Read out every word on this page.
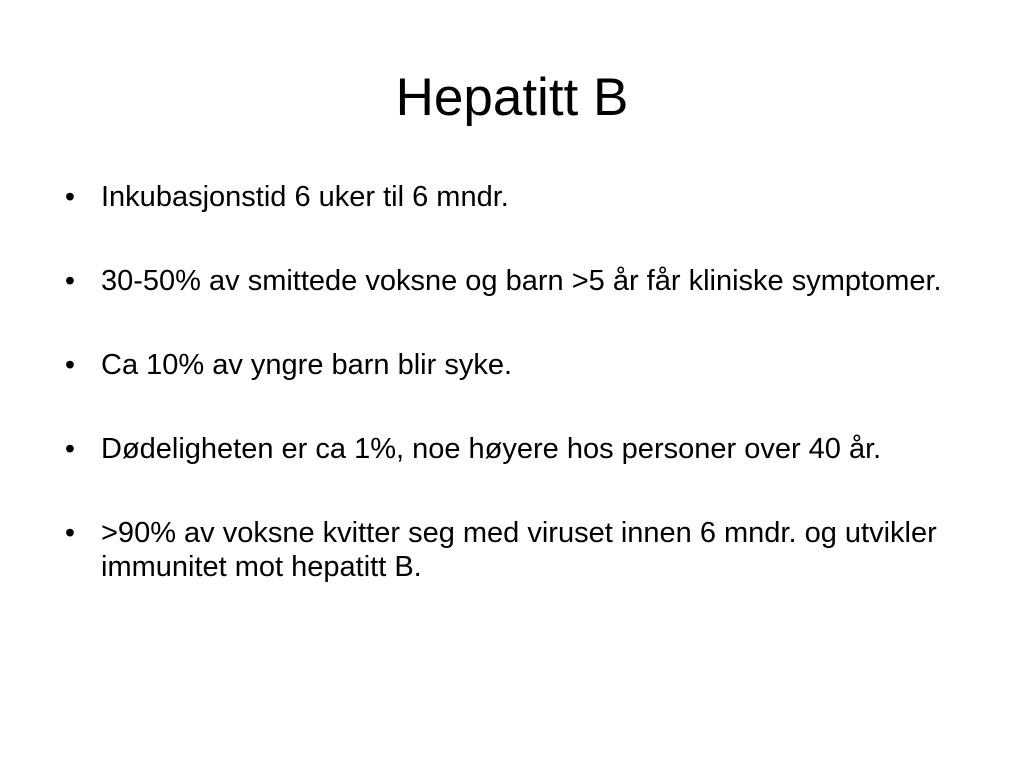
Hepatitt B
• Inkubasjonstid 6 uker til 6 mndr.
• 30-50% av smittede voksne og barn >5 år får kliniske symptomer.
• Ca 10% av yngre barn blir syke.
• Dødeligheten er ca 1%, noe høyere hos personer over 40 år.
• >90% av voksne kvitter seg med viruset innen 6 mndr. og utvikler immunitet mot hepatitt B.
